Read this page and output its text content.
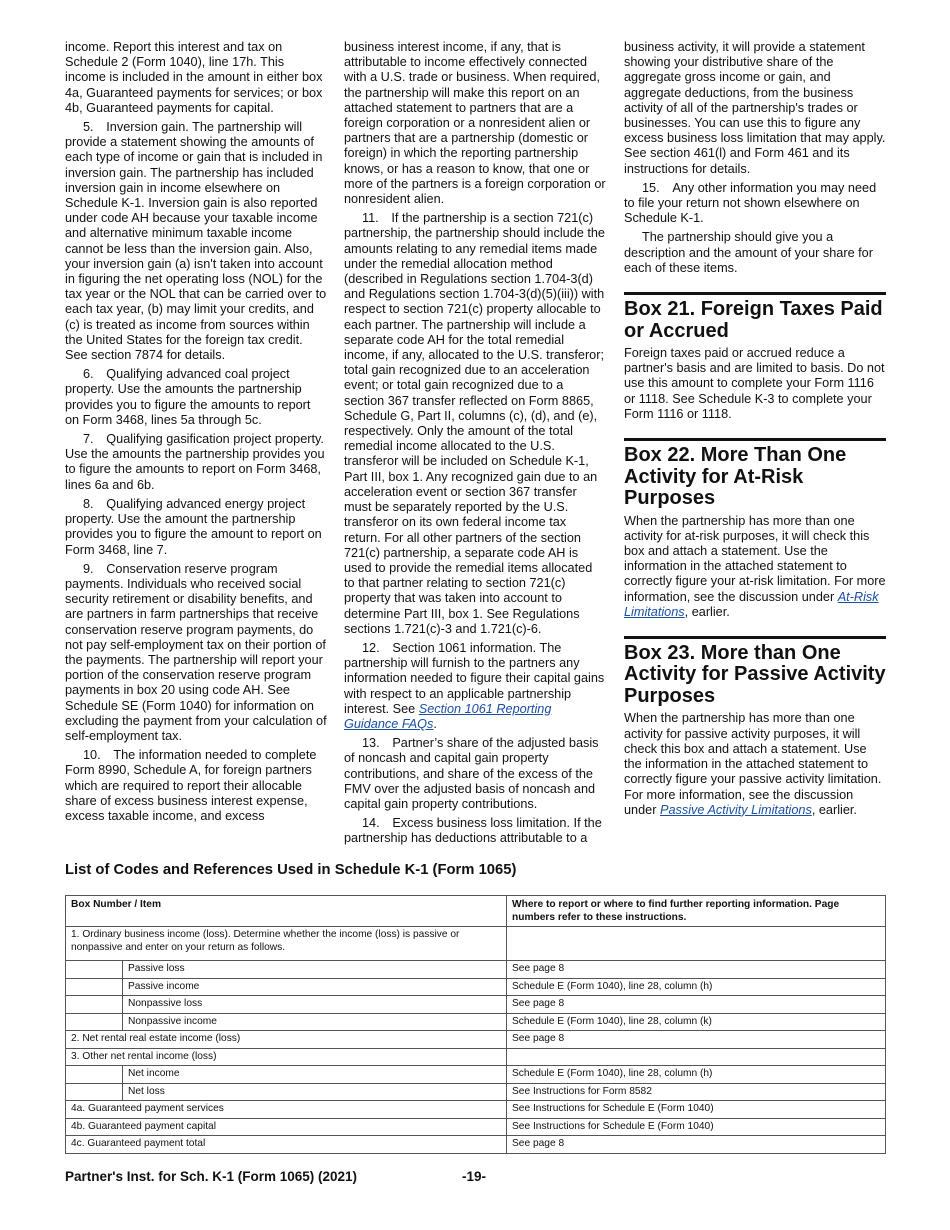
income. Report this interest and tax on Schedule 2 (Form 1040), line 17h. This income is included in the amount in either box 4a, Guaranteed payments for services; or box 4b, Guaranteed payments for capital.

5. Inversion gain. The partnership will provide a statement showing the amounts of each type of income or gain that is included in inversion gain. The partnership has included inversion gain in income elsewhere on Schedule K-1. Inversion gain is also reported under code AH because your taxable income and alternative minimum taxable income cannot be less than the inversion gain. Also, your inversion gain (a) isn't taken into account in figuring the net operating loss (NOL) for the tax year or the NOL that can be carried over to each tax year, (b) may limit your credits, and (c) is treated as income from sources within the United States for the foreign tax credit. See section 7874 for details.

6. Qualifying advanced coal project property. Use the amounts the partnership provides you to figure the amounts to report on Form 3468, lines 5a through 5c.

7. Qualifying gasification project property. Use the amounts the partnership provides you to figure the amounts to report on Form 3468, lines 6a and 6b.

8. Qualifying advanced energy project property. Use the amount the partnership provides you to figure the amount to report on Form 3468, line 7.

9. Conservation reserve program payments. Individuals who received social security retirement or disability benefits, and are partners in farm partnerships that receive conservation reserve program payments, do not pay self-employment tax on their portion of the payments. The partnership will report your portion of the conservation reserve program payments in box 20 using code AH. See Schedule SE (Form 1040) for information on excluding the payment from your calculation of self-employment tax.

10. The information needed to complete Form 8990, Schedule A, for foreign partners which are required to report their allocable share of excess business interest expense, excess taxable income, and excess

business interest income, if any, that is attributable to income effectively connected with a U.S. trade or business. When required, the partnership will make this report on an attached statement to partners that are a foreign corporation or a nonresident alien or partners that are a partnership (domestic or foreign) in which the reporting partnership knows, or has a reason to know, that one or more of the partners is a foreign corporation or nonresident alien.

11. If the partnership is a section 721(c) partnership, the partnership should include the amounts relating to any remedial items made under the remedial allocation method (described in Regulations section 1.704-3(d) and Regulations section 1.704-3(d)(5)(iii)) with respect to section 721(c) property allocable to each partner. The partnership will include a separate code AH for the total remedial income, if any, allocated to the U.S. transferor; total gain recognized due to an acceleration event; or total gain recognized due to a section 367 transfer reflected on Form 8865, Schedule G, Part II, columns (c), (d), and (e), respectively. Only the amount of the total remedial income allocated to the U.S. transferor will be included on Schedule K-1, Part III, box 1. Any recognized gain due to an acceleration event or section 367 transfer must be separately reported by the U.S. transferor on its own federal income tax return. For all other partners of the section 721(c) partnership, a separate code AH is used to provide the remedial items allocated to that partner relating to section 721(c) property that was taken into account to determine Part III, box 1. See Regulations sections 1.721(c)-3 and 1.721(c)-6.

12. Section 1061 information. The partnership will furnish to the partners any information needed to figure their capital gains with respect to an applicable partnership interest. See Section 1061 Reporting Guidance FAQs.

13. Partner’s share of the adjusted basis of noncash and capital gain property contributions, and share of the excess of the FMV over the adjusted basis of noncash and capital gain property contributions.

14. Excess business loss limitation. If the partnership has deductions attributable to a

business activity, it will provide a statement showing your distributive share of the aggregate gross income or gain, and aggregate deductions, from the business activity of all of the partnership's trades or businesses. You can use this to figure any excess business loss limitation that may apply. See section 461(l) and Form 461 and its instructions for details.

15. Any other information you may need to file your return not shown elsewhere on Schedule K-1.

The partnership should give you a description and the amount of your share for each of these items.

Box 21. Foreign Taxes Paid or Accrued

Foreign taxes paid or accrued reduce a partner's basis and are limited to basis. Do not use this amount to complete your Form 1116 or 1118. See Schedule K-3 to complete your Form 1116 or 1118.

Box 22. More Than One Activity for At-Risk Purposes

When the partnership has more than one activity for at-risk purposes, it will check this box and attach a statement. Use the information in the attached statement to correctly figure your at-risk limitation. For more information, see the discussion under At-Risk Limitations, earlier.

Box 23. More than One Activity for Passive Activity Purposes

When the partnership has more than one activity for passive activity purposes, it will check this box and attach a statement. Use the information in the attached statement to correctly figure your passive activity limitation. For more information, see the discussion under Passive Activity Limitations, earlier.

List of Codes and References Used in Schedule K-1 (Form 1065)
Box Number / Item		Where to report or where to find further reporting information. Page numbers refer to these instructions.
1. Ordinary business income (loss). Determine whether the income (loss) is passive or nonpassive and enter on your return as follows.		
	Passive loss	See page 8
	Passive income	Schedule E (Form 1040), line 28, column (h)
	Nonpassive loss	See page 8
	Nonpassive income	Schedule E (Form 1040), line 28, column (k)
2. Net rental real estate income (loss)		See page 8
3. Other net rental income (loss)		
	Net income	Schedule E (Form 1040), line 28, column (h)
	Net loss	See Instructions for Form 8582
4a. Guaranteed payment services		See Instructions for Schedule E (Form 1040)
4b. Guaranteed payment capital		See Instructions for Schedule E (Form 1040)
4c. Guaranteed payment total		See page 8
Partner's Inst. for Sch. K-1 (Form 1065) (2021)	-19-
